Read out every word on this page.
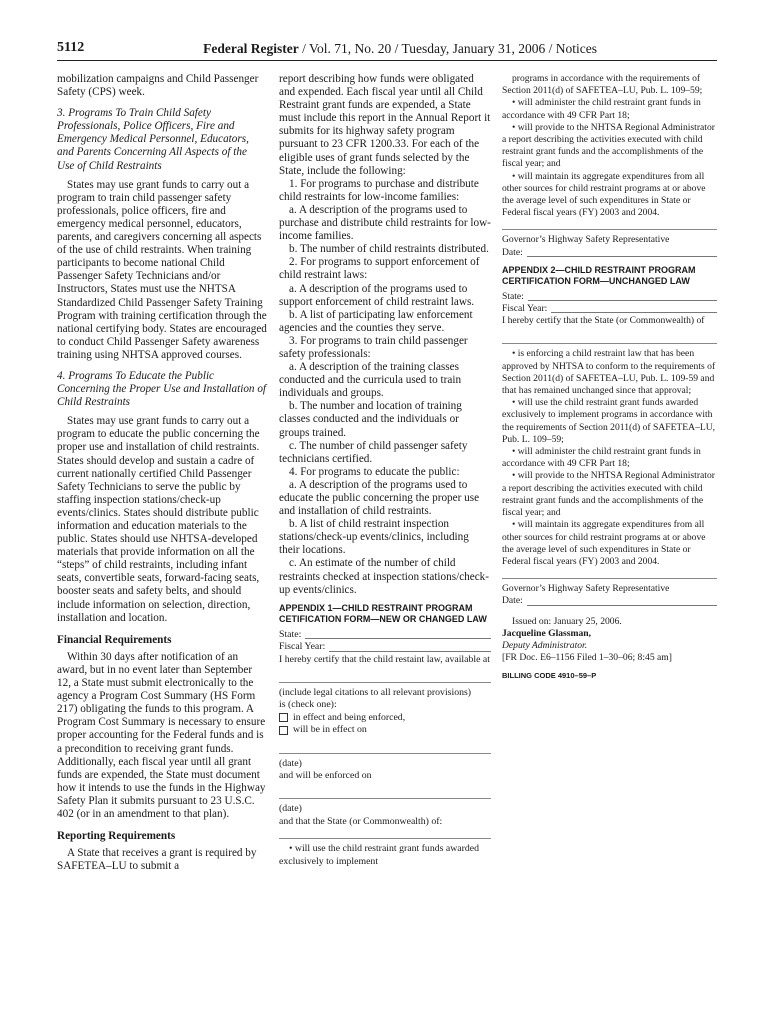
5112	Federal Register / Vol. 71, No. 20 / Tuesday, January 31, 2006 / Notices

mobilization campaigns and Child Passenger Safety (CPS) week.

3. Programs To Train Child Safety Professionals, Police Officers, Fire and Emergency Medical Personnel, Educators, and Parents Concerning All Aspects of the Use of Child Restraints

States may use grant funds to carry out a program to train child passenger safety professionals, police officers, fire and emergency medical personnel, educators, parents, and caregivers concerning all aspects of the use of child restraints. When training participants to become national Child Passenger Safety Technicians and/or Instructors, States must use the NHTSA Standardized Child Passenger Safety Training Program with training certification through the national certifying body. States are encouraged to conduct Child Passenger Safety awareness training using NHTSA approved courses.

4. Programs To Educate the Public Concerning the Proper Use and Installation of Child Restraints

States may use grant funds to carry out a program to educate the public concerning the proper use and installation of child restraints. States should develop and sustain a cadre of current nationally certified Child Passenger Safety Technicians to serve the public by staffing inspection stations/check-up events/clinics. States should distribute public information and education materials to the public. States should use NHTSA-developed materials that provide information on all the “steps” of child restraints, including infant seats, convertible seats, forward-facing seats, booster seats and safety belts, and should include information on selection, direction, installation and location.

Financial Requirements

Within 30 days after notification of an award, but in no event later than September 12, a State must submit electronically to the agency a Program Cost Summary (HS Form 217) obligating the funds to this program. A Program Cost Summary is necessary to ensure proper accounting for the Federal funds and is a precondition to receiving grant funds. Additionally, each fiscal year until all grant funds are expended, the State must document how it intends to use the funds in the Highway Safety Plan it submits pursuant to 23 U.S.C. 402 (or in an amendment to that plan).

Reporting Requirements

A State that receives a grant is required by SAFETEA–LU to submit a

report describing how funds were obligated and expended. Each fiscal year until all Child Restraint grant funds are expended, a State must include this report in the Annual Report it submits for its highway safety program pursuant to 23 CFR 1200.33. For each of the eligible uses of grant funds selected by the State, include the following:

1. For programs to purchase and distribute child restraints for low-income families:

a. A description of the programs used to purchase and distribute child restraints for low-income families.

b. The number of child restraints distributed.

2. For programs to support enforcement of child restraint laws:

a. A description of the programs used to support enforcement of child restraint laws.

b. A list of participating law enforcement agencies and the counties they serve.

3. For programs to train child passenger safety professionals:

a. A description of the training classes conducted and the curricula used to train individuals and groups.

b. The number and location of training classes conducted and the individuals or groups trained.

c. The number of child passenger safety technicians certified.

4. For programs to educate the public:

a. A description of the programs used to educate the public concerning the proper use and installation of child restraints.

b. A list of child restraint inspection stations/check-up events/clinics, including their locations.

c. An estimate of the number of child restraints checked at inspection stations/check-up events/clinics.

APPENDIX 1—CHILD RESTRAINT PROGRAM CETIFICATION FORM—NEW OR CHANGED LAW

State:
Fiscal Year:

I hereby certify that the child restaint law, available at

(include legal citations to all relevant provisions)

is (check one):

in effect and being enforced,
will be in effect on

(date)

and will be enforced on

(date)

and that the State (or Commonwealth) of:

• will use the child restraint grant funds awarded exclusively to implement

programs in accordance with the requirements of Section 2011(d) of SAFETEA–LU, Pub. L. 109–59;

• will administer the child restraint grant funds in accordance with 49 CFR Part 18;

• will provide to the NHTSA Regional Administrator a report describing the activities executed with child restraint grant funds and the accomplishments of the fiscal year; and

• will maintain its aggregate expenditures from all other sources for child restraint programs at or above the average level of such expenditures in State or Federal fiscal years (FY) 2003 and 2004.

Governor’s Highway Safety Representative

Date:

APPENDIX 2—CHILD RESTRAINT PROGRAM CERTIFICATION FORM—UNCHANGED LAW

State:
Fiscal Year:

I hereby certify that the State (or Commonwealth) of

• is enforcing a child restraint law that has been approved by NHTSA to conform to the requirements of Section 2011(d) of SAFETEA–LU, Pub. L. 109-59 and that has remained unchanged since that approval;

• will use the child restraint grant funds awarded exclusively to implement programs in accordance with the requirements of Section 2011(d) of SAFETEA–LU, Pub. L. 109–59;

• will administer the child restraint grant funds in accordance with 49 CFR Part 18;

• will provide to the NHTSA Regional Administrator a report describing the activities executed with child restraint grant funds and the accomplishments of the fiscal year; and

• will maintain its aggregate expenditures from all other sources for child restraint programs at or above the average level of such expenditures in State or Federal fiscal years (FY) 2003 and 2004.

Governor’s Highway Safety Representative

Date:

Issued on: January 25, 2006.

Jacqueline Glassman,

Deputy Administrator.

[FR Doc. E6–1156 Filed 1–30–06; 8:45 am]

BILLING CODE 4910–59–P
